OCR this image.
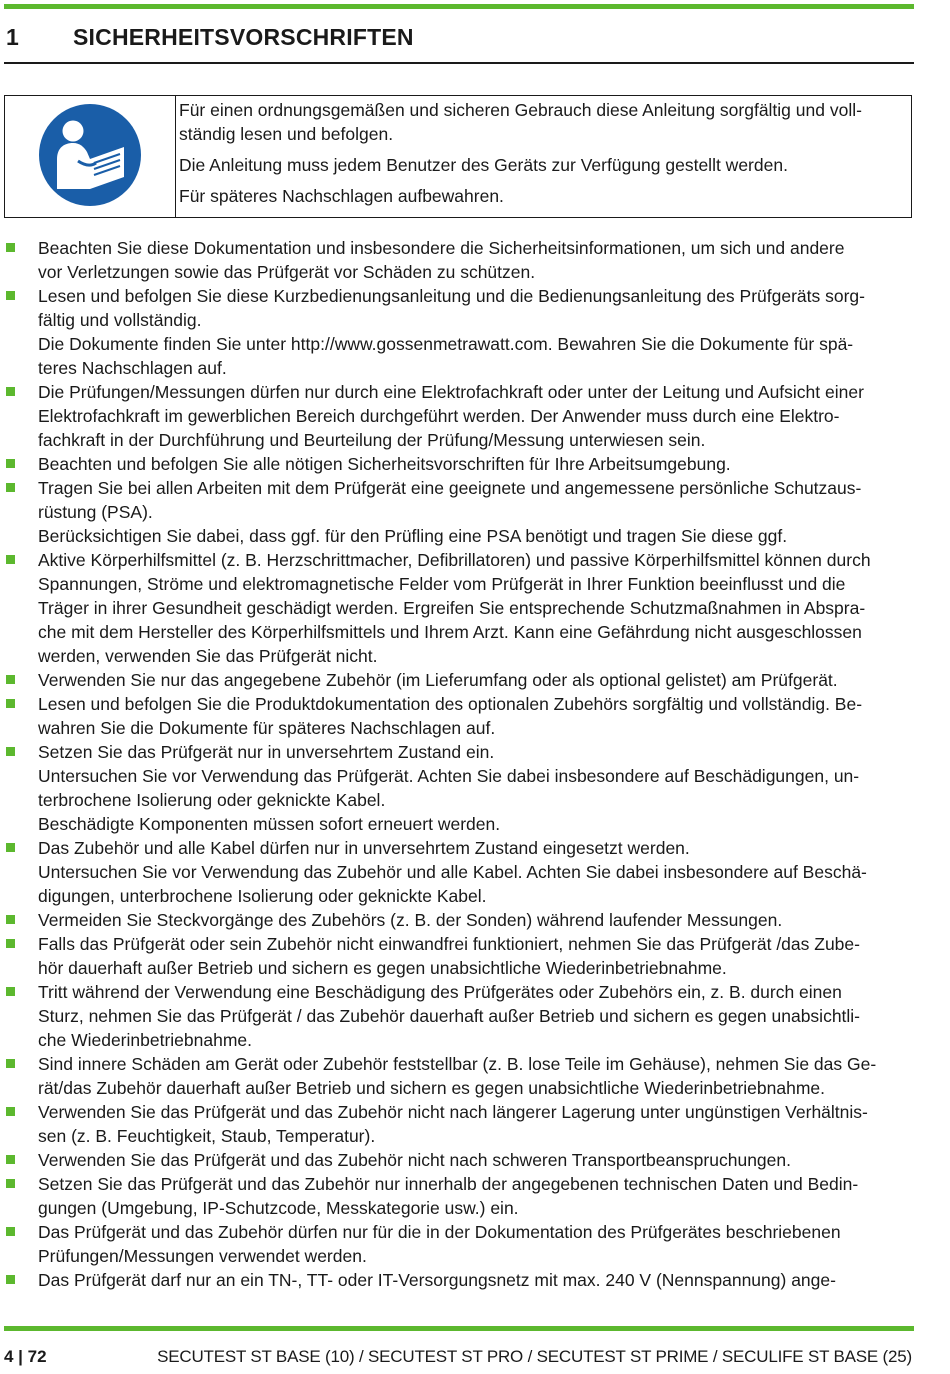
1 SICHERHEITSVORSCHRIFTEN

Für einen ordnungsgemäßen und sicheren Gebrauch diese Anleitung sorgfältig und voll-
ständig lesen und befolgen.

Die Anleitung muss jedem Benutzer des Geräts zur Verfügung gestellt werden.

Für späteres Nachschlagen aufbewahren.

Beachten Sie diese Dokumentation und insbesondere die Sicherheitsinformationen, um sich und andere
vor Verletzungen sowie das Prüfgerät vor Schäden zu schützen.
Lesen und befolgen Sie diese Kurzbedienungsanleitung und die Bedienungsanleitung des Prüfgeräts sorg-
fältig und vollständig.
Die Dokumente finden Sie unter http://www.gossenmetrawatt.com. Bewahren Sie die Dokumente für spä-
teres Nachschlagen auf.
Die Prüfungen/Messungen dürfen nur durch eine Elektrofachkraft oder unter der Leitung und Aufsicht einer
Elektrofachkraft im gewerblichen Bereich durchgeführt werden. Der Anwender muss durch eine Elektro-
fachkraft in der Durchführung und Beurteilung der Prüfung/Messung unterwiesen sein.
Beachten und befolgen Sie alle nötigen Sicherheitsvorschriften für Ihre Arbeitsumgebung.
Tragen Sie bei allen Arbeiten mit dem Prüfgerät eine geeignete und angemessene persönliche Schutzaus-
rüstung (PSA).
Berücksichtigen Sie dabei, dass ggf. für den Prüfling eine PSA benötigt und tragen Sie diese ggf.
Aktive Körperhilfsmittel (z. B. Herzschrittmacher, Defibrillatoren) und passive Körperhilfsmittel können durch
Spannungen, Ströme und elektromagnetische Felder vom Prüfgerät in Ihrer Funktion beeinflusst und die
Träger in ihrer Gesundheit geschädigt werden. Ergreifen Sie entsprechende Schutzmaßnahmen in Abspra-
che mit dem Hersteller des Körperhilfsmittels und Ihrem Arzt. Kann eine Gefährdung nicht ausgeschlossen
werden, verwenden Sie das Prüfgerät nicht.
Verwenden Sie nur das angegebene Zubehör (im Lieferumfang oder als optional gelistet) am Prüfgerät.
Lesen und befolgen Sie die Produktdokumentation des optionalen Zubehörs sorgfältig und vollständig. Be-
wahren Sie die Dokumente für späteres Nachschlagen auf.
Setzen Sie das Prüfgerät nur in unversehrtem Zustand ein.
Untersuchen Sie vor Verwendung das Prüfgerät. Achten Sie dabei insbesondere auf Beschädigungen, un-
terbrochene Isolierung oder geknickte Kabel.
Beschädigte Komponenten müssen sofort erneuert werden.
Das Zubehör und alle Kabel dürfen nur in unversehrtem Zustand eingesetzt werden.
Untersuchen Sie vor Verwendung das Zubehör und alle Kabel. Achten Sie dabei insbesondere auf Beschä-
digungen, unterbrochene Isolierung oder geknickte Kabel.
Vermeiden Sie Steckvorgänge des Zubehörs (z. B. der Sonden) während laufender Messungen.
Falls das Prüfgerät oder sein Zubehör nicht einwandfrei funktioniert, nehmen Sie das Prüfgerät /das Zube-
hör dauerhaft außer Betrieb und sichern es gegen unabsichtliche Wiederinbetriebnahme.
Tritt während der Verwendung eine Beschädigung des Prüfgerätes oder Zubehörs ein, z. B. durch einen
Sturz, nehmen Sie das Prüfgerät / das Zubehör dauerhaft außer Betrieb und sichern es gegen unabsichtli-
che Wiederinbetriebnahme.
Sind innere Schäden am Gerät oder Zubehör feststellbar (z. B. lose Teile im Gehäuse), nehmen Sie das Ge-
rät/das Zubehör dauerhaft außer Betrieb und sichern es gegen unabsichtliche Wiederinbetriebnahme.
Verwenden Sie das Prüfgerät und das Zubehör nicht nach längerer Lagerung unter ungünstigen Verhältnis-
sen (z. B. Feuchtigkeit, Staub, Temperatur).
Verwenden Sie das Prüfgerät und das Zubehör nicht nach schweren Transportbeanspruchungen.
Setzen Sie das Prüfgerät und das Zubehör nur innerhalb der angegebenen technischen Daten und Bedin-
gungen (Umgebung, IP-Schutzcode, Messkategorie usw.) ein.
Das Prüfgerät und das Zubehör dürfen nur für die in der Dokumentation des Prüfgerätes beschriebenen
Prüfungen/Messungen verwendet werden.
Das Prüfgerät darf nur an ein TN-, TT- oder IT-Versorgungsnetz mit max. 240 V (Nennspannung) ange-
4 | 72	SECUTEST ST BASE (10) / SECUTEST ST PRO / SECUTEST ST PRIME / SECULIFE ST BASE (25)
